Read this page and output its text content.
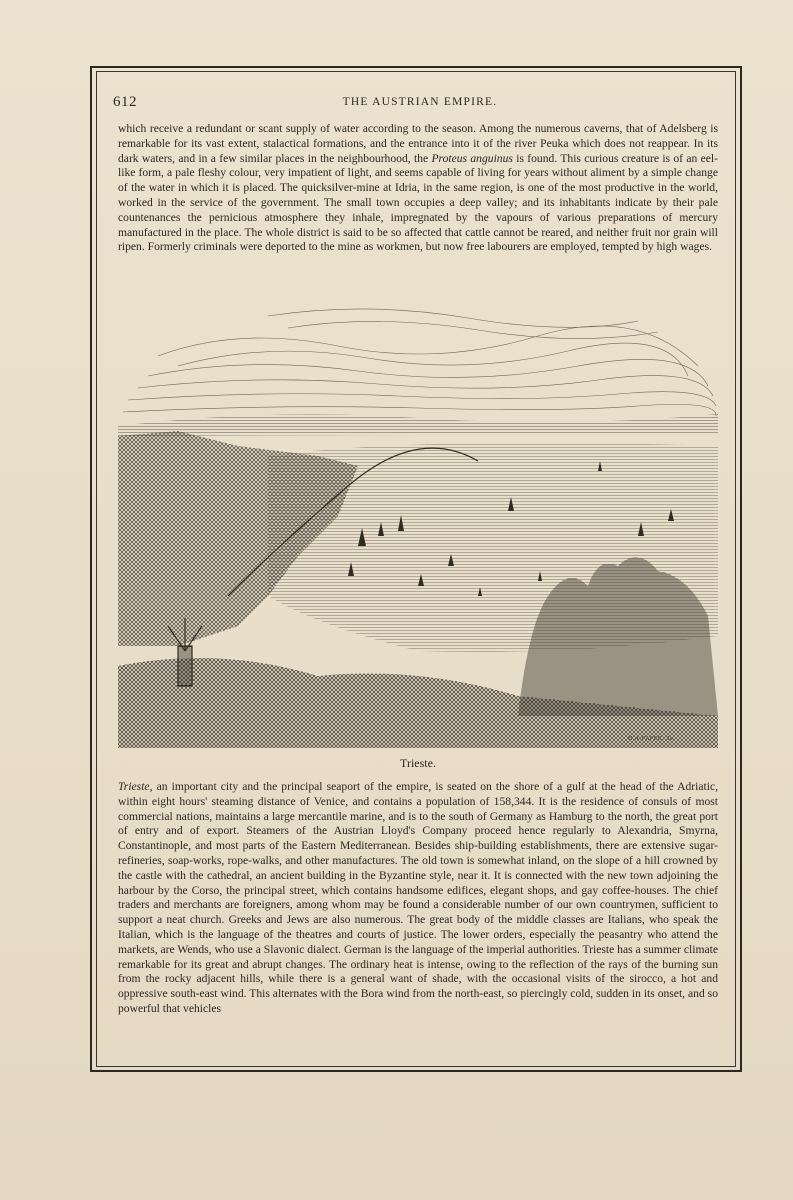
612	THE AUSTRIAN EMPIRE.

which receive a redundant or scant supply of water according to the season. Among the numerous caverns, that of Adelsberg is remarkable for its vast extent, stalactical formations, and the entrance into it of the river Peuka which does not reappear. In its dark waters, and in a few similar places in the neighbourhood, the Proteus anguinus is found. This curious creature is of an eel-like form, a pale fleshy colour, very impatient of light, and seems capable of living for years without aliment by a simple change of the water in which it is placed. The quicksilver-mine at Idria, in the same region, is one of the most productive in the world, worked in the service of the government. The small town occupies a deep valley; and its inhabitants indicate by their pale countenances the pernicious atmosphere they inhale, impregnated by the vapours of various preparations of mercury manufactured in the place. The whole district is said to be so affected that cattle cannot be reared, and neither fruit nor grain will ripen. Formerly criminals were deported to the mine as workmen, but now free labourers are employed, tempted by high wages.

H.A.PAPER. Sc.
Trieste.

Trieste, an important city and the principal seaport of the empire, is seated on the shore of a gulf at the head of the Adriatic, within eight hours' steaming distance of Venice, and contains a population of 158,344. It is the residence of consuls of most commercial nations, maintains a large mercantile marine, and is to the south of Germany as Hamburg to the north, the great port of entry and of export. Steamers of the Austrian Lloyd's Company proceed hence regularly to Alexandria, Smyrna, Constantinople, and most parts of the Eastern Mediterranean. Besides ship-building establishments, there are extensive sugar-refineries, soap-works, rope-walks, and other manufactures. The old town is somewhat inland, on the slope of a hill crowned by the castle with the cathedral, an ancient building in the Byzantine style, near it. It is connected with the new town adjoining the harbour by the Corso, the principal street, which contains handsome edifices, elegant shops, and gay coffee-houses. The chief traders and merchants are foreigners, among whom may be found a considerable number of our own countrymen, sufficient to support a neat church. Greeks and Jews are also numerous. The great body of the middle classes are Italians, who speak the Italian, which is the language of the theatres and courts of justice. The lower orders, especially the peasantry who attend the markets, are Wends, who use a Slavonic dialect. German is the language of the imperial authorities. Trieste has a summer climate remarkable for its great and abrupt changes. The ordinary heat is intense, owing to the reflection of the rays of the burning sun from the rocky adjacent hills, while there is a general want of shade, with the occasional visits of the sirocco, a hot and oppressive south-east wind. This alternates with the Bora wind from the north-east, so piercingly cold, sudden in its onset, and so powerful that vehicles
